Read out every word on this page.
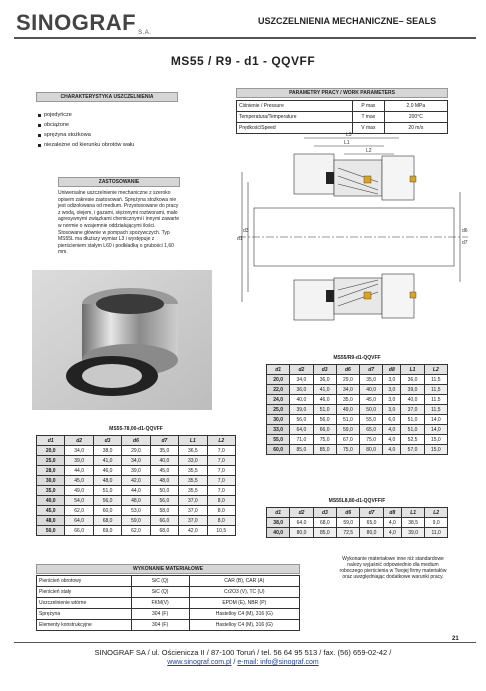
SINOGRAF S.A.
USZCZELNIENIA MECHANICZNE– SEALS
MS55 / R9 - d1 - QQVFF
CHARAKTERYSTYKA USZCZELNIENIA
pojedyńcze
obciążone
sprężyna stożkowa
niezależne od kierunku obrotów wału
ZASTOSOWANIE
Uniwersalne uszczelnienie mechaniczne z szeroko opisem zakresie zastosowań. Sprężyna stożkowa nie jest odizolowana od medium. Przystosowane do pracy z wodą, olejem, i gazami, stężonymi roztworami, mało agresywnymi związkami chemicznymi i innymi zawarte w normie o wzajemnie oddziałującymi ilości. Stosowane głównie w pompach spożywczych. Typ MS55L ma dłuższy wymiar L3 i występuje z pierścieniem stałym L60 i podkładką o grubości 1,60 mm.
PARAMETRY PRACY / WORK PARAMETERS
Ciśnienie / Pressure	P max	2,0 MPa
Temperatura/Temperature	T max	200°C
Prędkość/Speed	V max	20 m/s
L3
L1
L2
d1
d3	d6
d7
MS55/R9-d1-QQVFF
d1	d2	d3	d6	d7	d8	L1	L2
20,0	34,0	36,0	29,0	35,0	3,0	36,0	11,5
22,0	36,0	41,0	34,0	40,0	3,0	39,0	11,5
24,0	40,0	46,0	35,0	45,0	3,0	40,0	11,5
25,0	39,0	51,0	49,0	50,0	3,0	37,0	11,5
30,0	56,0	56,0	51,0	55,0	6,0	51,0	14,0
33,0	64,0	66,0	59,0	65,0	4,0	51,0	14,0
55,0	71,0	75,0	67,0	75,0	4,0	52,5	15,0
60,0	85,0	85,0	75,0	80,0	4,0	57,0	15,0
MS55-78,00-d1-QQVFF
d1	d2	d3	d6	d7	L1	L2
20,0	34,0	38,0	29,0	35,0	36,5	7,0
25,0	39,0	41,0	34,0	40,0	33,0	7,0
28,0	44,0	46,0	39,0	45,0	35,5	7,0
30,0	45,0	48,0	42,0	48,0	35,5	7,0
35,0	49,0	51,0	44,0	50,0	35,5	7,0
40,0	54,0	56,0	48,0	56,0	37,0	8,0
45,0	62,0	60,0	53,0	58,0	37,0	8,0
48,0	64,0	68,0	59,0	66,0	37,0	8,0
50,0	66,0	69,0	62,0	68,0	42,0	10,5
MS55L8,80-d1-QQVFF/F
d1	d2	d3	d6	d7	d8	L1	L2
38,0	64,0	68,0	59,0	65,0	4,0	38,5	9,0
40,0	80,0	85,0	72,5	80,0	4,0	39,0	11,0
WYKONANIE MATERIAŁOWE
Pierścień obrotowy	SiC (Q)	CAR (B), CAR (A)
Pierścień stały	SiC (Q)	Cr2O3 (V), TC (U)
Uszczelnienie wtórne	FKM(V)	EPDM (E), NBR (P)
Sprężyna	304 (F)	Hastelloy C4 (M), 316 (G)
Elementy konstrukcyjne	304 (F)	Hastelloy C4 (M), 316 (G)
Wykonanie materiałowe inne niż standardowe należy wyjaśnić odpowiednio dla medium roboczego pierścienia w Twojej firmy materiałów oraz uwzględniając dodatkowe warunki pracy.
21
SINOGRAF SA / ul. Ościenicza II / 87-100 Toruń / tel. 56 64 95 513 / fax. (56) 659-02-42 /
www.sinograf.com.pl / e-mail: info@sinograf.com
